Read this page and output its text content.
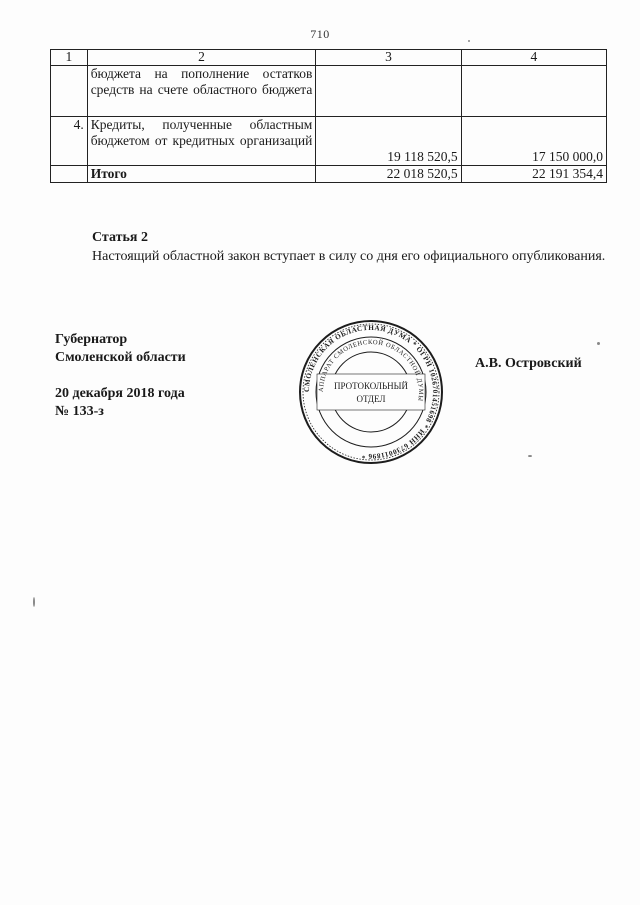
710
1	2	3	4
	бюджета на пополнение остатков средств на счете областного бюджета		
4.	Кредиты, полученные областным бюджетом от кредитных организаций	19 118 520,5	17 150 000,0
	Итого	22 018 520,5	22 191 354,4
Статья 2
Настоящий областной закон вступает в силу со дня его официального опубликования.
Губернатор
Смоленской области	А.В. Островский
20 декабря 2018 года
№ 133-з
СМОЛЕНСКАЯ ОБЛАСТНАЯ ДУМА * ОГРН 1026701451698 * ИНН 6730011896 *
АППАРАТ СМОЛЕНСКОЙ ОБЛАСТНОЙ ДУМЫ
ПРОТОКОЛЬНЫЙ
ОТДЕЛ
